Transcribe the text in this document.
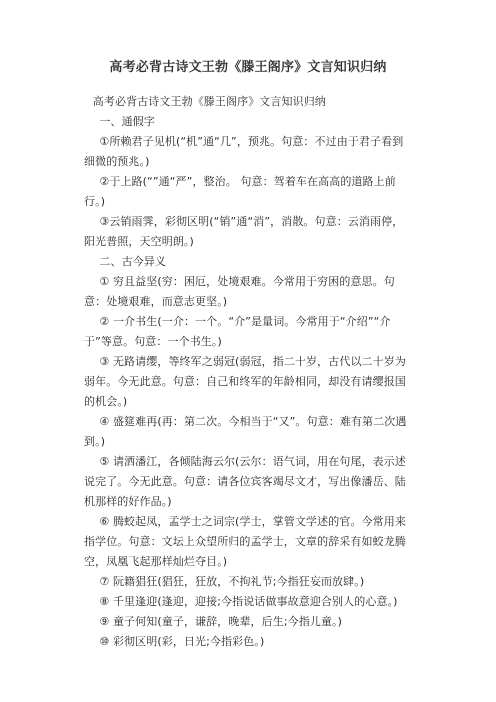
高考必背古诗文王勃《滕王阁序》文言知识归纳

高考必背古诗文王勃《滕王阁序》文言知识归纳

一、通假字

①所赖君子见机(“机”通“几”，预兆。句意：不过由于君子看到细微的预兆。)

②于上路(“”通“严”，整治。 句意：驾着车在高高的道路上前行。)

③云销雨霁，彩彻区明(“销”通“消”，消散。句意：云消雨停，阳光普照，天空明朗。)

二、古今异义

① 穷且益坚(穷：困厄，处境艰难。今常用于穷困的意思。句意：处境艰难，而意志更坚。)

② 一介书生(一介：一个。“介”是量词。今常用于“介绍”“介于”等意。句意：一个书生。)

③ 无路请缨，等终军之弱冠(弱冠，指二十岁，古代以二十岁为弱年。今无此意。句意：自己和终军的年龄相同，却没有请缨报国的机会。)

④ 盛筵难再(再：第二次。今相当于“又”。句意：难有第二次遇到。)

⑤ 请洒潘江，各倾陆海云尔(云尔：语气词，用在句尾，表示述说完了。今无此意。句意：请各位宾客竭尽文才，写出像潘岳、陆机那样的好作品。)

⑥ 腾蛟起凤，孟学士之词宗(学士，掌管文学述的官。今常用来指学位。句意：文坛上众望所归的孟学士，文章的辞采有如蛟龙腾空，凤凰飞起那样灿烂夺目。)

⑦ 阮籍猖狂(猖狂，狂放，不拘礼节;今指狂妄而放肆。)

⑧ 千里逢迎(逢迎，迎接;今指说话做事故意迎合别人的心意。)

⑨ 童子何知(童子，谦辞，晚辈，后生;今指儿童。)

⑩ 彩彻区明(彩，日光;今指彩色。)
